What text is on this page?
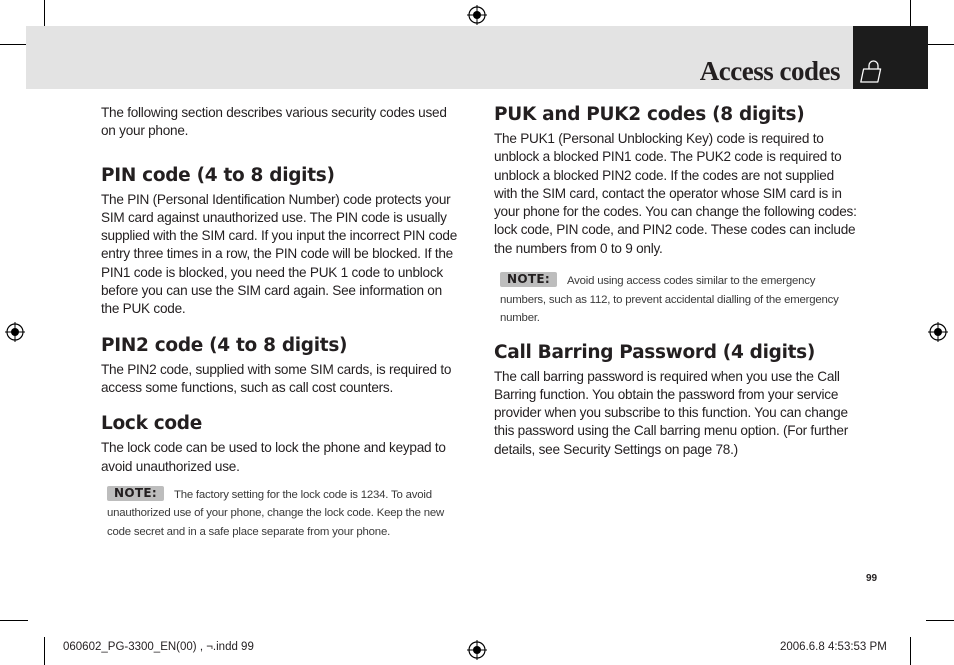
Access codes

The following section describes various security codes used on your phone.

PIN code (4 to 8 digits)

The PIN (Personal Identification Number) code protects your SIM card against unauthorized use. The PIN code is usually supplied with the SIM card. If you input the incorrect PIN code entry three times in a row, the PIN code will be blocked. If the PIN1 code is blocked, you need the PUK 1 code to unblock before you can use the SIM card again. See information on the PUK code.

PIN2 code (4 to 8 digits)

The PIN2 code, supplied with some SIM cards, is required to access some functions, such as call cost counters.

Lock code

The lock code can be used to lock the phone and keypad to avoid unauthorized use.

NOTE: The factory setting for the lock code is 1234. To avoid unauthorized use of your phone, change the lock code. Keep the new code secret and in a safe place separate from your phone.

PUK and PUK2 codes (8 digits)

The PUK1 (Personal Unblocking Key) code is required to unblock a blocked PIN1 code. The PUK2 code is required to unblock a blocked PIN2 code. If the codes are not supplied with the SIM card, contact the operator whose SIM card is in your phone for the codes. You can change the following codes: lock code, PIN code, and PIN2 code. These codes can include the numbers from 0 to 9 only.

NOTE: Avoid using access codes similar to the emergency numbers, such as 112, to prevent accidental dialling of the emergency number.

Call Barring Password (4 digits)

The call barring password is required when you use the Call Barring function. You obtain the password from your service provider when you subscribe to this function. You can change this password using the Call barring menu option. (For further details, see Security Settings on page 78.)

99
060602_PG-3300_EN(00) , ¬.indd 99	2006.6.8 4:53:53 PM
